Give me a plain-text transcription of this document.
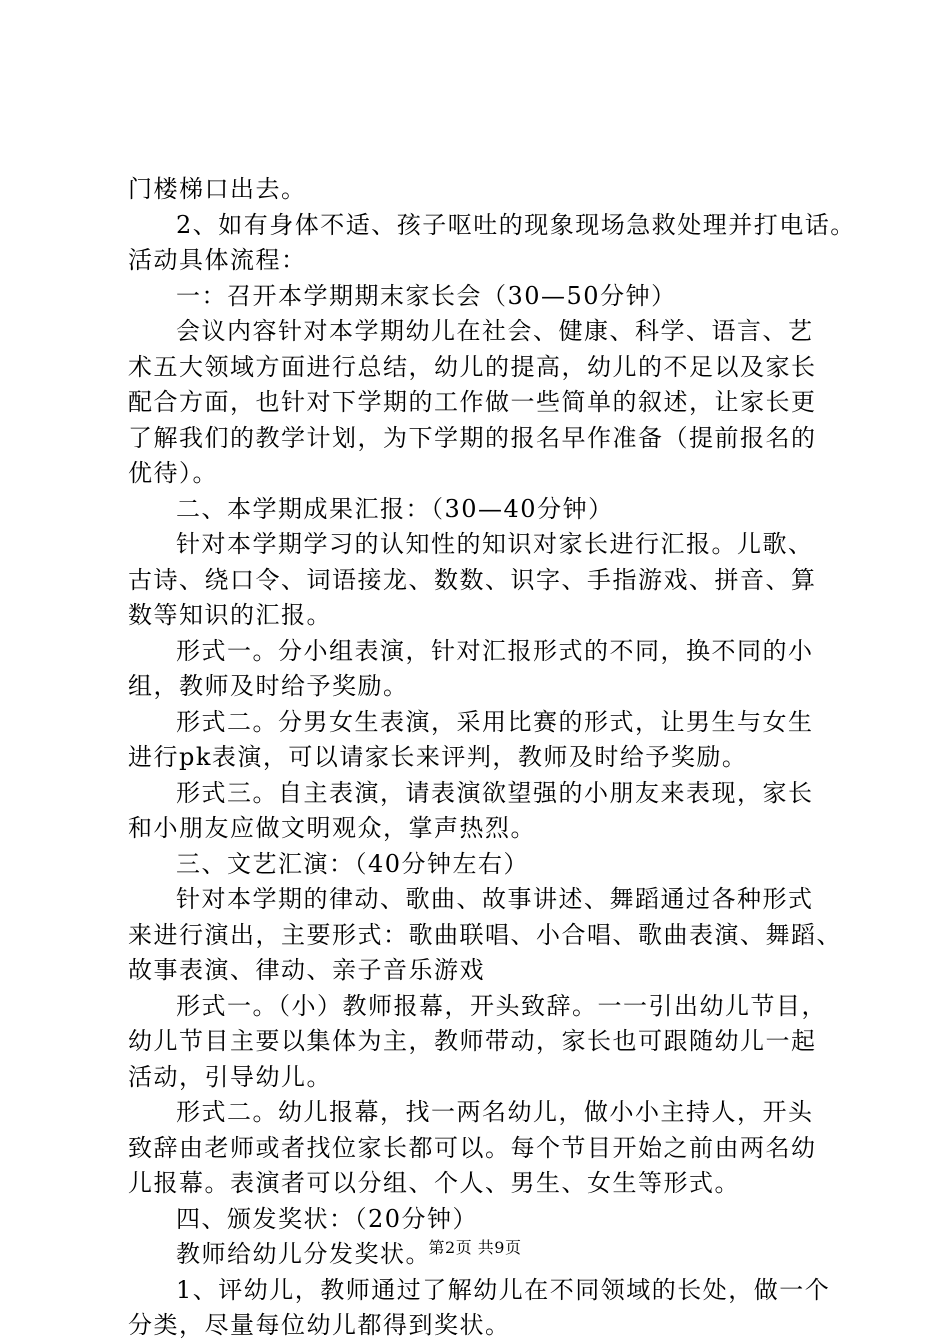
门楼梯口出去。
2、如有身体不适、孩子呕吐的现象现场急救处理并打电话。
活动具体流程：
一：召开本学期期末家长会（30—50分钟）
会议内容针对本学期幼儿在社会、健康、科学、语言、艺
术五大领域方面进行总结，幼儿的提高，幼儿的不足以及家长
配合方面，也针对下学期的工作做一些简单的叙述，让家长更
了解我们的教学计划，为下学期的报名早作准备（提前报名的
优待）。
二、本学期成果汇报：（30—40分钟）
针对本学期学习的认知性的知识对家长进行汇报。儿歌、
古诗、绕口令、词语接龙、数数、识字、手指游戏、拼音、算
数等知识的汇报。
形式一。分小组表演，针对汇报形式的不同，换不同的小
组，教师及时给予奖励。
形式二。分男女生表演，采用比赛的形式，让男生与女生
进行pk表演，可以请家长来评判，教师及时给予奖励。
形式三。自主表演，请表演欲望强的小朋友来表现，家长
和小朋友应做文明观众，掌声热烈。
三、文艺汇演：（40分钟左右）
针对本学期的律动、歌曲、故事讲述、舞蹈通过各种形式
来进行演出，主要形式：歌曲联唱、小合唱、歌曲表演、舞蹈、
故事表演、律动、亲子音乐游戏
形式一。（小）教师报幕，开头致辞。一一引出幼儿节目，
幼儿节目主要以集体为主，教师带动，家长也可跟随幼儿一起
活动，引导幼儿。
形式二。幼儿报幕，找一两名幼儿，做小小主持人，开头
致辞由老师或者找位家长都可以。每个节目开始之前由两名幼
儿报幕。表演者可以分组、个人、男生、女生等形式。
四、颁发奖状：（20分钟）
教师给幼儿分发奖状。
1、评幼儿，教师通过了解幼儿在不同领域的长处，做一个
分类，尽量每位幼儿都得到奖状。
第2页 共9页
